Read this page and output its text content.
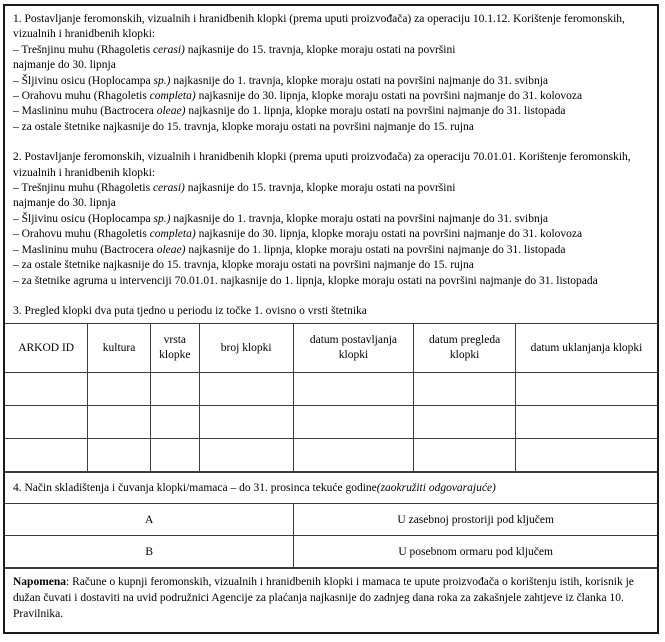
1. Postavljanje feromonskih, vizualnih i hranidbenih klopki (prema uputi proizvođača) za operaciju 10.1.12. Korištenje feromonskih, vizualnih i hranidbenih klopki:
– Trešnjinu muhu (Rhagoletis cerasi) najkasnije do 15. travnja, klopke moraju ostati na površini
najmanje do 30. lipnja
– Šljivinu osicu (Hoplocampa sp.) najkasnije do 1. travnja, klopke moraju ostati na površini najmanje do 31. svibnja
– Orahovu muhu (Rhagoletis completa) najkasnije do 30. lipnja, klopke moraju ostati na površini najmanje do 31. kolovoza
– Maslininu muhu (Bactrocera oleae) najkasnije do 1. lipnja, klopke moraju ostati na površini najmanje do 31. listopada
– za ostale štetnike najkasnije do 15. travnja, klopke moraju ostati na površini najmanje do 15. rujna
2. Postavljanje feromonskih, vizualnih i hranidbenih klopki (prema uputi proizvođača) za operaciju 70.01.01. Korištenje feromonskih, vizualnih i hranidbenih klopki:
– Trešnjinu muhu (Rhagoletis cerasi) najkasnije do 15. travnja, klopke moraju ostati na površini
najmanje do 30. lipnja
– Šljivinu osicu (Hoplocampa sp.) najkasnije do 1. travnja, klopke moraju ostati na površini najmanje do 31. svibnja
– Orahovu muhu (Rhagoletis completa) najkasnije do 30. lipnja, klopke moraju ostati na površini najmanje do 31. kolovoza
– Maslininu muhu (Bactrocera oleae) najkasnije do 1. lipnja, klopke moraju ostati na površini najmanje do 31. listopada
– za ostale štetnike najkasnije do 15. travnja, klopke moraju ostati na površini najmanje do 15. rujna
– za štetnike agruma u intervenciji 70.01.01. najkasnije do 1. lipnja, klopke moraju ostati na površini najmanje do 31. listopada
3. Pregled klopki dva puta tjedno u periodu iz točke 1. ovisno o vrsti štetnika
ARKOD ID	kultura	vrsta klopke	broj klopki	datum postavljanja klopki	datum pregleda klopki	datum uklanjanja klopki

4. Način skladištenja i čuvanja klopki/mamaca – do 31. prosinca tekuće godine (zaokružiti odgovarajuće)
A	U zasebnoj prostoriji pod ključem
B	U posebnom ormaru pod ključem
Napomena: Račune o kupnji feromonskih, vizualnih i hranidbenih klopki i mamaca te upute proizvođača o korištenju istih, korisnik je dužan čuvati i dostaviti na uvid podružnici Agencije za plaćanja najkasnije do zadnjeg dana roka za zakašnjele zahtjeve iz članka 10. Pravilnika.
